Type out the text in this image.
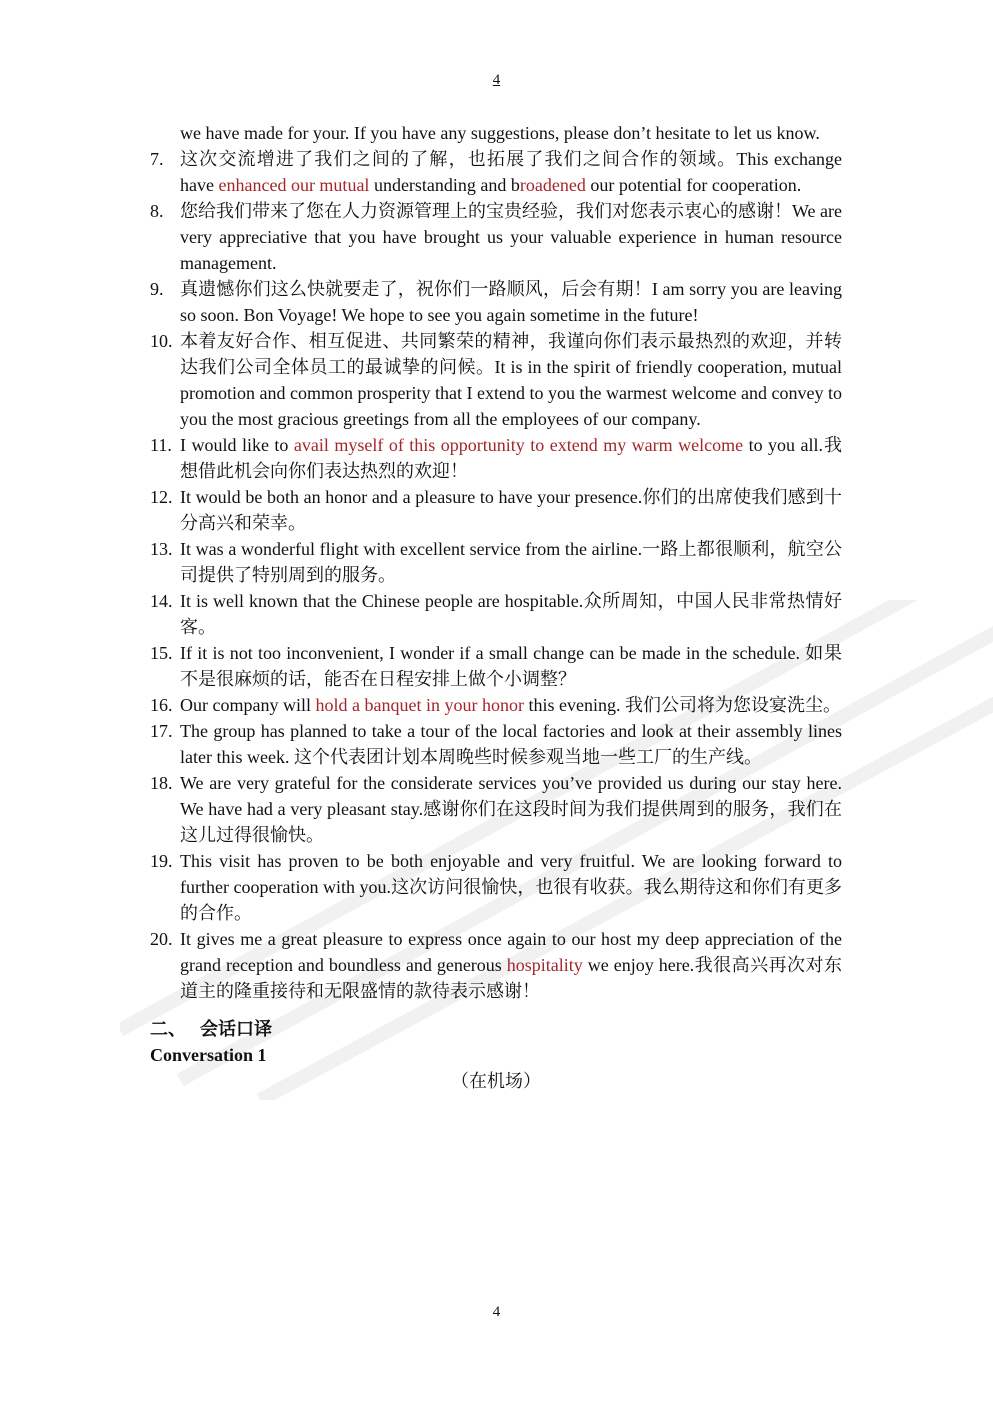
4
we have made for your. If you have any suggestions, please don’t hesitate to let us know.
7. 这次交流增进了我们之间的了解，也拓展了我们之间合作的领域。This exchange have enhanced our mutual understanding and broadened our potential for cooperation.
8. 您给我们带来了您在人力资源管理上的宝贵经验，我们对您表示衷心的感谢！We are very appreciative that you have brought us your valuable experience in human resource management.
9. 真遗憾你们这么快就要走了，祝你们一路顺风，后会有期！I am sorry you are leaving so soon. Bon Voyage! We hope to see you again sometime in the future!
10. 本着友好合作、相互促进、共同繁荣的精神，我谨向你们表示最热烈的欢迎，并转达我们公司全体员工的最诚挚的问候。It is in the spirit of friendly cooperation, mutual promotion and common prosperity that I extend to you the warmest welcome and convey to you the most gracious greetings from all the employees of our company.
11. I would like to avail myself of this opportunity to extend my warm welcome to you all.我想借此机会向你们表达热烈的欢迎！
12. It would be both an honor and a pleasure to have your presence.你们的出席使我们感到十分高兴和荣幸。
13. It was a wonderful flight with excellent service from the airline.一路上都很顺利，航空公司提供了特别周到的服务。
14. It is well known that the Chinese people are hospitable.众所周知，中国人民非常热情好客。
15. If it is not too inconvenient, I wonder if a small change can be made in the schedule. 如果不是很麻烦的话，能否在日程安排上做个小调整？
16. Our company will hold a banquet in your honor this evening. 我们公司将为您设宴洗尘。
17. The group has planned to take a tour of the local factories and look at their assembly lines later this week. 这个代表团计划本周晚些时候参观当地一些工厂的生产线。
18. We are very grateful for the considerate services you’ve provided us during our stay here. We have had a very pleasant stay.感谢你们在这段时间为我们提供周到的服务，我们在这儿过得很愉快。
19. This visit has proven to be both enjoyable and very fruitful. We are looking forward to further cooperation with you.这次访问很愉快，也很有收获。我么期待这和你们有更多的合作。
20. It gives me a great pleasure to express once again to our host my deep appreciation of the grand reception and boundless and generous hospitality we enjoy here.我很高兴再次对东道主的隆重接待和无限盛情的款待表示感谢！
二、 会话口译
Conversation 1
（在机场）
4
